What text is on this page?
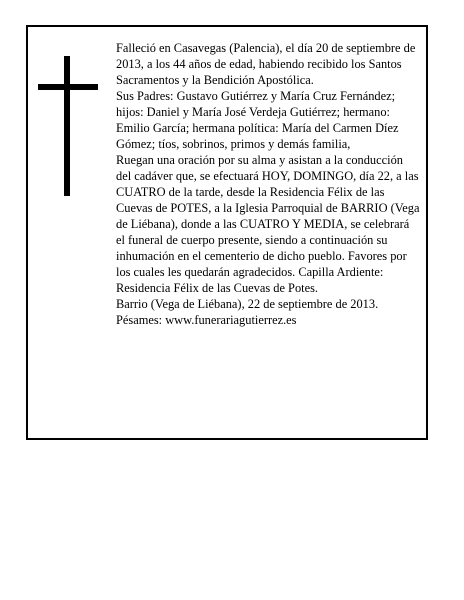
Falleció en Casavegas (Palencia), el día 20 de septiembre de 2013, a los 44 años de edad, habiendo recibido los Santos Sacramentos y la Bendición Apostólica.

Sus Padres: Gustavo Gutiérrez y María Cruz Fernández; hijos: Daniel y María José Verdeja Gutiérrez; hermano: Emilio García; hermana política: María del Carmen Díez Gómez; tíos, sobrinos, primos y demás familia,

Ruegan una oración por su alma y asistan a la conducción del cadáver que, se efectuará HOY, DOMINGO, día 22, a las CUATRO de la tarde, desde la Residencia Félix de las Cuevas de POTES, a la Iglesia Parroquial de BARRIO (Vega de Liébana), donde a las CUATRO Y MEDIA, se celebrará el funeral de cuerpo presente, siendo a continuación su inhumación en el cementerio de dicho pueblo. Favores por los cuales les quedarán agradecidos. Capilla Ardiente: Residencia Félix de las Cuevas de Potes.

Barrio (Vega de Liébana), 22 de septiembre de 2013.

Pésames: www.funerariagutierrez.es
